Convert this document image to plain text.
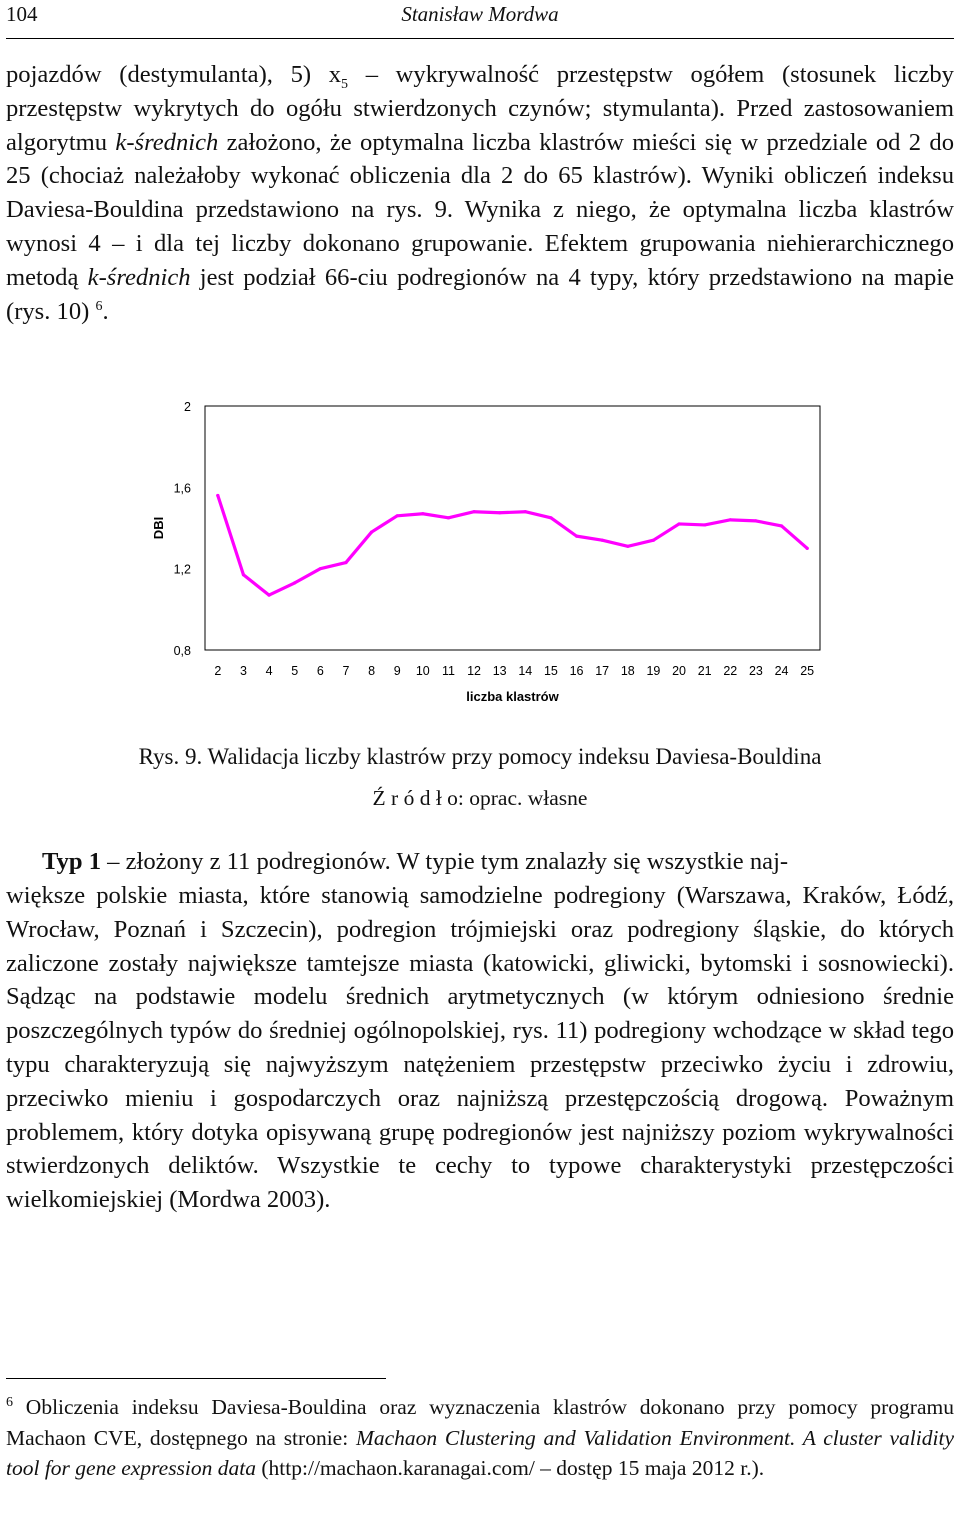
104	Stanisław Mordwa

pojazdów (destymulanta), 5) $x_5$ – wykrywalność przestępstw ogółem (stosunek liczby przestępstw wykrytych do ogółu stwierdzonych czynów; stymulanta). Przed zastosowaniem algorytmu k-średnich założono, że optymalna liczba klastrów mieści się w przedziale od 2 do 25 (chociaż należałoby wykonać obliczenia dla 2 do 65 klastrów). Wyniki obliczeń indeksu Daviesa-Bouldina przedstawiono na rys. 9. Wynika z niego, że optymalna liczba klastrów wynosi 4 – i dla tej liczby dokonano grupowanie. Efektem grupowania niehierarchicznego metodą k-średnich jest podział 66-ciu podregionów na 4 typy, który przedstawiono na mapie (rys. 10) $^6$.

0,8
1,2
1,6
2
2 3 4 5 6 7 8 9 10 11 12 13 14 15 16 17 18 19 20 21 22 23 24 25
liczba klastrów
DBI
Rys. 9. Walidacja liczby klastrów przy pomocy indeksu Daviesa-Bouldina
Ź r ó d ł o: oprac. własne
Typ 1 – złożony z 11 podregionów. W typie tym znalazły się wszystkie naj-

większe polskie miasta, które stanowią samodzielne podregiony (Warszawa, Kraków, Łódź, Wrocław, Poznań i Szczecin), podregion trójmiejski oraz podregiony śląskie, do których zaliczone zostały największe tamtejsze miasta (katowicki, gliwicki, bytomski i sosnowiecki). Sądząc na podstawie modelu średnich arytmetycznych (w którym odniesiono średnie poszczególnych typów do średniej ogólnopolskiej, rys. 11) podregiony wchodzące w skład tego typu charakteryzują się najwyższym natężeniem przestępstw przeciwko życiu i zdrowiu, przeciwko mieniu i gospodarczych oraz najniższą przestępczością drogową. Poważnym problemem, który dotyka opisywaną grupę podregionów jest najniższy poziom wykrywalności stwierdzonych deliktów. Wszystkie te cechy to typowe charakterystyki przestępczości wielkomiejskiej (Mordwa 2003).

$^6$ Obliczenia indeksu Daviesa-Bouldina oraz wyznaczenia klastrów dokonano przy pomocy programu Machaon CVE, dostępnego na stronie: Machaon Clustering and Validation Environment. A cluster validity tool for gene expression data (http://machaon.karanagai.com/ – dostęp 15 maja 2012 r.).
